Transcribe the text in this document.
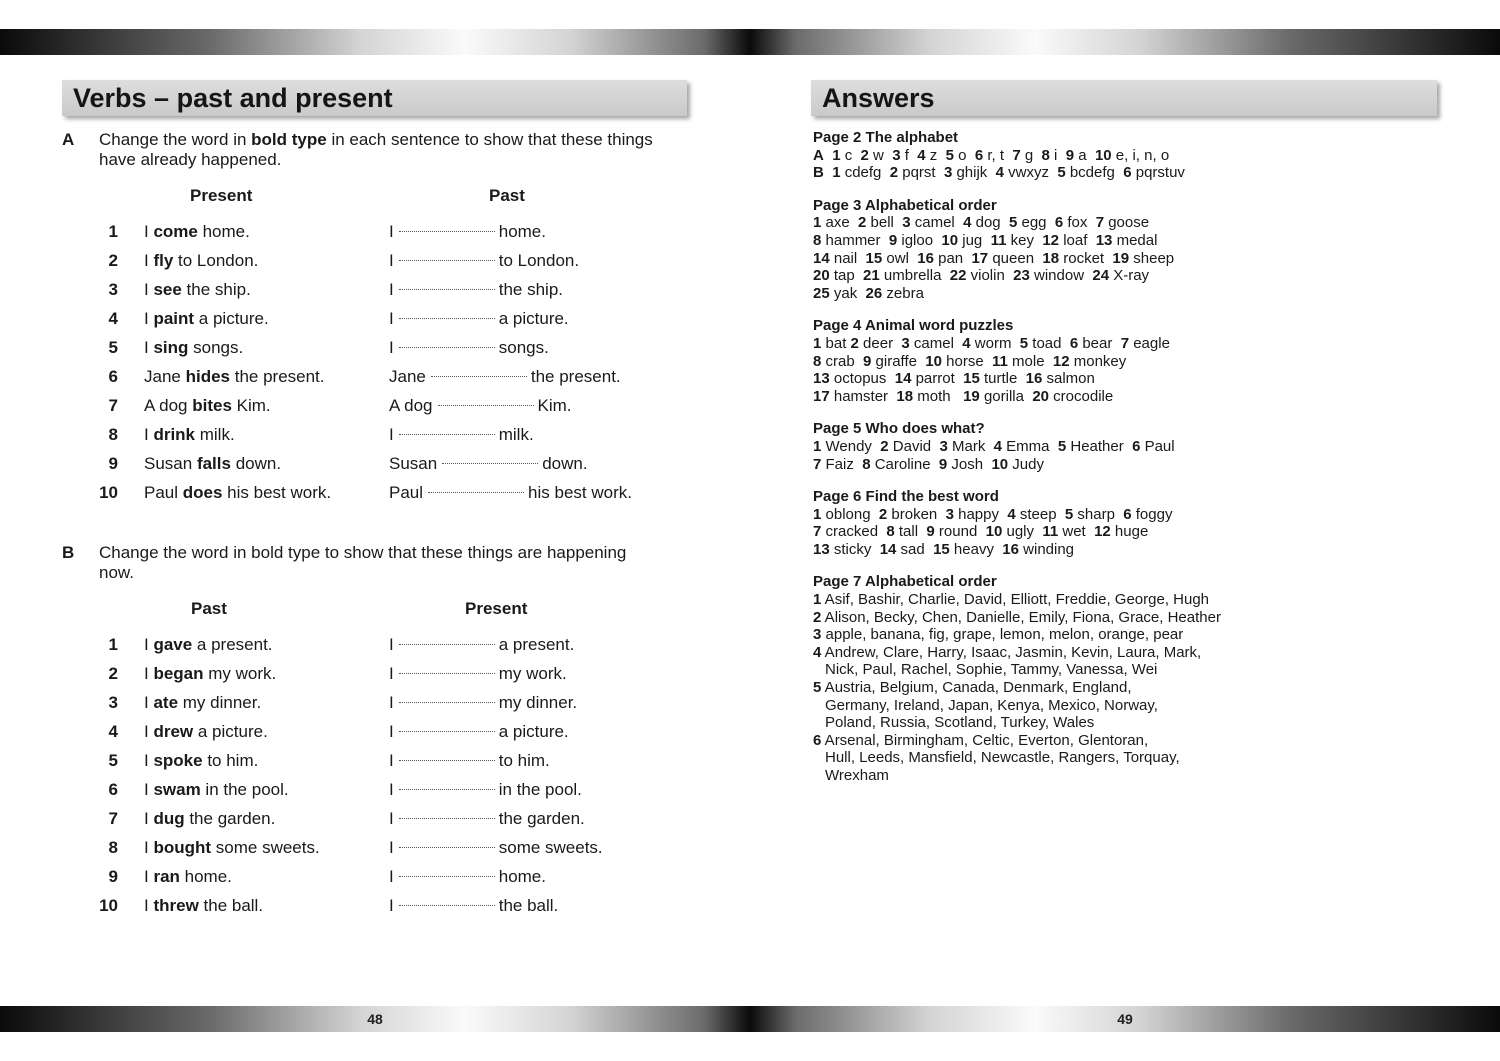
Verbs – past and present
A Change the word in bold type in each sentence to show that these things have already happened.
Present	Past
1 I come home.	I	home.
2 I fly to London.	I	to London.
3 I see the ship.	I	the ship.
4 I paint a picture.	I	a picture.
5 I sing songs.	I	songs.
6 Jane hides the present.	Jane	the present.
7 A dog bites Kim.	A dog	Kim.
8 I drink milk.	I	milk.
9 Susan falls down.	Susan	down.
10 Paul does his best work.	Paul	his best work.
B Change the word in bold type to show that these things are happening now.
Past	Present
1 I gave a present.	I	a present.
2 I began my work.	I	my work.
3 I ate my dinner.	I	my dinner.
4 I drew a picture.	I	a picture.
5 I spoke to him.	I	to him.
6 I swam in the pool.	I	in the pool.
7 I dug the garden.	I	the garden.
8 I bought some sweets.	I	some sweets.
9 I ran home.	I	home.
10 I threw the ball.	I	the ball.
Answers
Page 2 The alphabet
A 1 c  2 w  3 f  4 z  5 o  6 r, t  7 g  8 i  9 a  10 e, i, n, o
B 1 cdefg  2 pqrst  3 ghijk  4 vwxyz  5 bcdefg  6 pqrstuv
Page 3 Alphabetical order
1 axe  2 bell  3 camel  4 dog  5 egg  6 fox  7 goose
8 hammer  9 igloo  10 jug  11 key  12 loaf  13 medal
14 nail  15 owl  16 pan  17 queen  18 rocket  19 sheep
20 tap  21 umbrella  22 violin  23 window  24 X-ray
25 yak  26 zebra
Page 4 Animal word puzzles
1 bat 2 deer  3 camel  4 worm  5 toad  6 bear  7 eagle
8 crab  9 giraffe  10 horse  11 mole  12 monkey
13 octopus  14 parrot  15 turtle  16 salmon
17 hamster  18 moth   19 gorilla  20 crocodile
Page 5 Who does what?
1 Wendy  2 David  3 Mark  4 Emma  5 Heather  6 Paul
7 Faiz  8 Caroline  9 Josh  10 Judy
Page 6 Find the best word
1 oblong  2 broken  3 happy  4 steep  5 sharp  6 foggy
7 cracked  8 tall  9 round  10 ugly  11 wet  12 huge
13 sticky  14 sad  15 heavy  16 winding
Page 7 Alphabetical order
1 Asif, Bashir, Charlie, David, Elliott, Freddie, George, Hugh
2 Alison, Becky, Chen, Danielle, Emily, Fiona, Grace, Heather
3 apple, banana, fig, grape, lemon, melon, orange, pear
4 Andrew, Clare, Harry, Isaac, Jasmin, Kevin, Laura, Mark,
Nick, Paul, Rachel, Sophie, Tammy, Vanessa, Wei
5 Austria, Belgium, Canada, Denmark, England,
Germany, Ireland, Japan, Kenya, Mexico, Norway,
Poland, Russia, Scotland, Turkey, Wales
6 Arsenal, Birmingham, Celtic, Everton, Glentoran,
Hull, Leeds, Mansfield, Newcastle, Rangers, Torquay,
Wrexham
48	49
